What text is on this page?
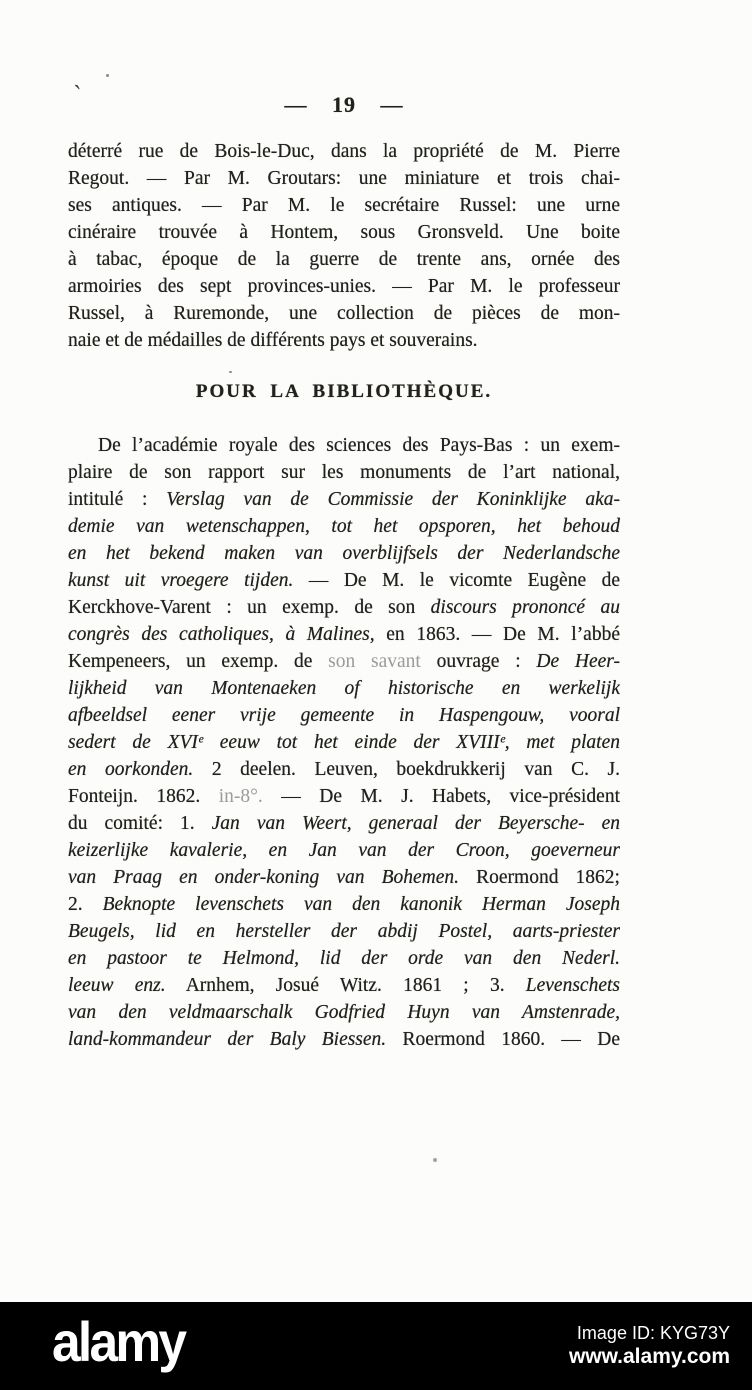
ˋ	— 19 —
déterré rue de Bois-le-Duc, dans la propriété de M. Pierre
Regout. — Par M. Groutars: une miniature et trois chai-
ses antiques. — Par M. le secrétaire Russel: une urne
cinéraire trouvée à Hontem, sous Gronsveld. Une boite
à tabac, époque de la guerre de trente ans, ornée des
armoiries des sept provinces-unies. — Par M. le professeur
Russel, à Ruremonde, une collection de pièces de mon-
naie et de médailles de différents pays et souverains.
POUR LA BIBLIOTHÈQUE.
De l’académie royale des sciences des Pays-Bas : un exem-
plaire de son rapport sur les monuments de l’art national,
intitulé : Verslag van de Commissie der Koninklijke aka-
demie van wetenschappen, tot het opsporen, het behoud
en het bekend maken van overblijfsels der Nederlandsche
kunst uit vroegere tijden. — De M. le vicomte Eugène de
Kerckhove-Varent : un exemp. de son discours prononcé au
congrès des catholiques, à Malines, en 1863. — De M. l’abbé
Kempeneers, un exemp. de son savant ouvrage : De Heer-
lijkheid van Montenaeken of historische en werkelijk
afbeeldsel eener vrije gemeente in Haspengouw, vooral
sedert de XVIᵉ eeuw tot het einde der XVIIIᵉ, met platen
en oorkonden. 2 deelen. Leuven, boekdrukkerij van C. J.
Fonteijn. 1862. in-8°. — De M. J. Habets, vice-président
du comité: 1. Jan van Weert, generaal der Beyersche- en
keizerlijke kavalerie, en Jan van der Croon, goeverneur
van Praag en onder-koning van Bohemen. Roermond 1862;
2. Beknopte levenschets van den kanonik Herman Joseph
Beugels, lid en hersteller der abdij Postel, aarts-priester
en pastoor te Helmond, lid der orde van den Nederl.
leeuw enz. Arnhem, Josué Witz. 1861 ; 3. Levenschets
van den veldmaarschalk Godfried Huyn van Amstenrade,
land-kommandeur der Baly Biessen. Roermond 1860. — De
alamy	Image ID: KYG73Y
www.alamy.com
